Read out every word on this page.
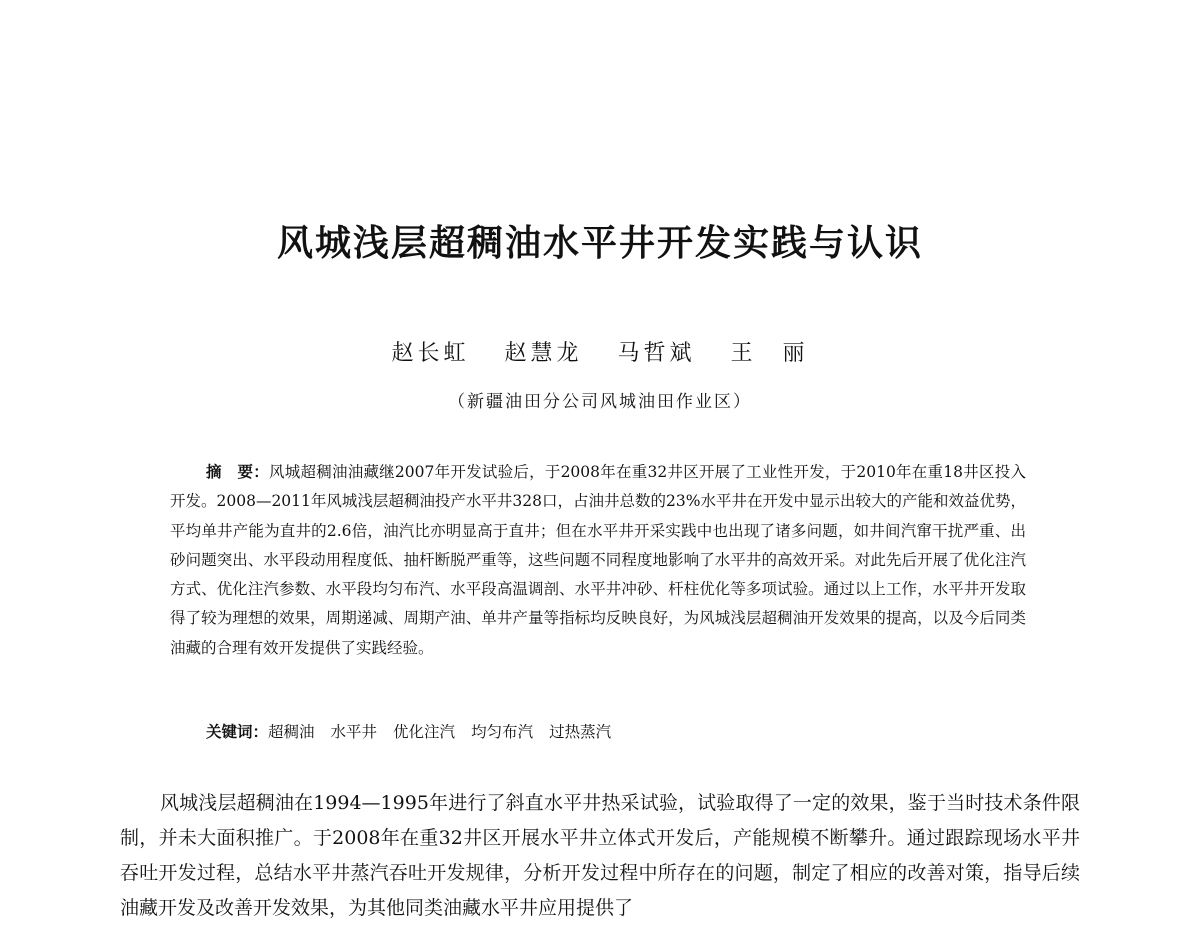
风城浅层超稠油水平井开发实践与认识
赵长虹 赵慧龙 马哲斌 王　丽
（新疆油田分公司风城油田作业区）

摘　要：风城超稠油油藏继2007年开发试验后，于2008年在重32井区开展了工业性开发，于2010年在重18井区投入开发。2008—2011年风城浅层超稠油投产水平井328口，占油井总数的23%水平井在开发中显示出较大的产能和效益优势，平均单井产能为直井的2.6倍，油汽比亦明显高于直井；但在水平井开采实践中也出现了诸多问题，如井间汽窜干扰严重、出砂问题突出、水平段动用程度低、抽杆断脱严重等，这些问题不同程度地影响了水平井的高效开采。对此先后开展了优化注汽方式、优化注汽参数、水平段均匀布汽、水平段高温调剖、水平井冲砂、杆柱优化等多项试验。通过以上工作，水平井开发取得了较为理想的效果，周期递减、周期产油、单井产量等指标均反映良好，为风城浅层超稠油开发效果的提高，以及今后同类油藏的合理有效开发提供了实践经验。

关键词：超稠油 水平井 优化注汽 均匀布汽 过热蒸汽

风城浅层超稠油在1994—1995年进行了斜直水平井热采试验，试验取得了一定的效果，鉴于当时技术条件限制，并未大面积推广。于2008年在重32井区开展水平井立体式开发后，产能规模不断攀升。通过跟踪现场水平井吞吐开发过程，总结水平井蒸汽吞吐开发规律，分析开发过程中所存在的问题，制定了相应的改善对策，指导后续油藏开发及改善开发效果，为其他同类油藏水平井应用提供了
